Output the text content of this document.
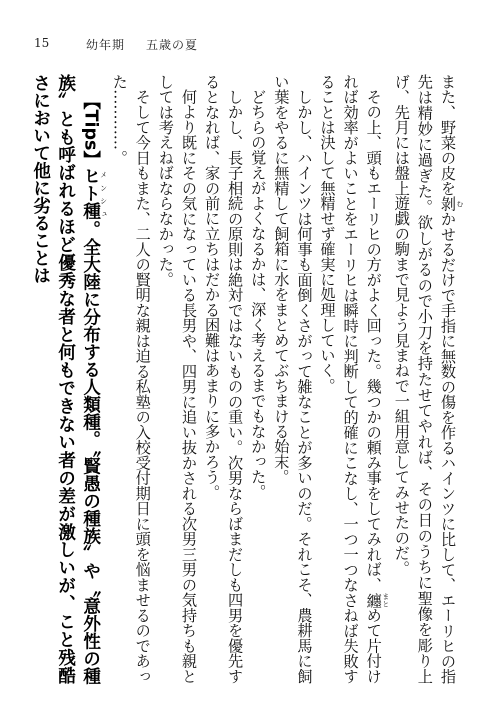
15	幼年期 五歳の夏

また、野菜の皮を剝 むかせるだけで手指に無数の傷を作るハインツに比して、エーリヒの指先は精妙に過ぎた。欲しがるので小刀を持たせてやれば、その日のうちに聖像を彫り上げ、先月には盤上遊戯の駒まで見よう見まねで一組用意してみせたのだ。

その上、頭もエーリヒの方がよく回った。幾つかの頼み事をしてみれば、纏 まとめて片付ければ効率がよいことをエーリヒは瞬時に判断して的確にこなし、一つ一つなさねば失敗することは決して無精せず確実に処理していく。

しかし、ハインツは何事も面倒くさがって雑なことが多いのだ。それこそ、農耕馬に飼い葉をやるに無精して飼箱に水をまとめてぶちまける始末。

どちらの覚えがよくなるかは、深く考えるまでもなかった。

しかし、長子相続の原則は絶対ではないものの重い。次男ならばまだしも四男を優先するとなれば、家の前に立ちはだかる困難はあまりに多かろう。

何より既にその気になっている長男や、四男に追い抜かされる次男三男の気持ちも親としては考えねばならなかった。

そして今日もまた、二人の賢明な親は迫る私塾の入校受付期日に頭を悩ませるのであった…………。

【Tips】ヒト種 メンシュ。全大陸に分布する人類種。〝賢愚の種族〟や〝意外性の種族〟とも呼ばれるほど優秀な者と何もできない者の差が激しいが、こと残酷さにおいて他に劣ることは
